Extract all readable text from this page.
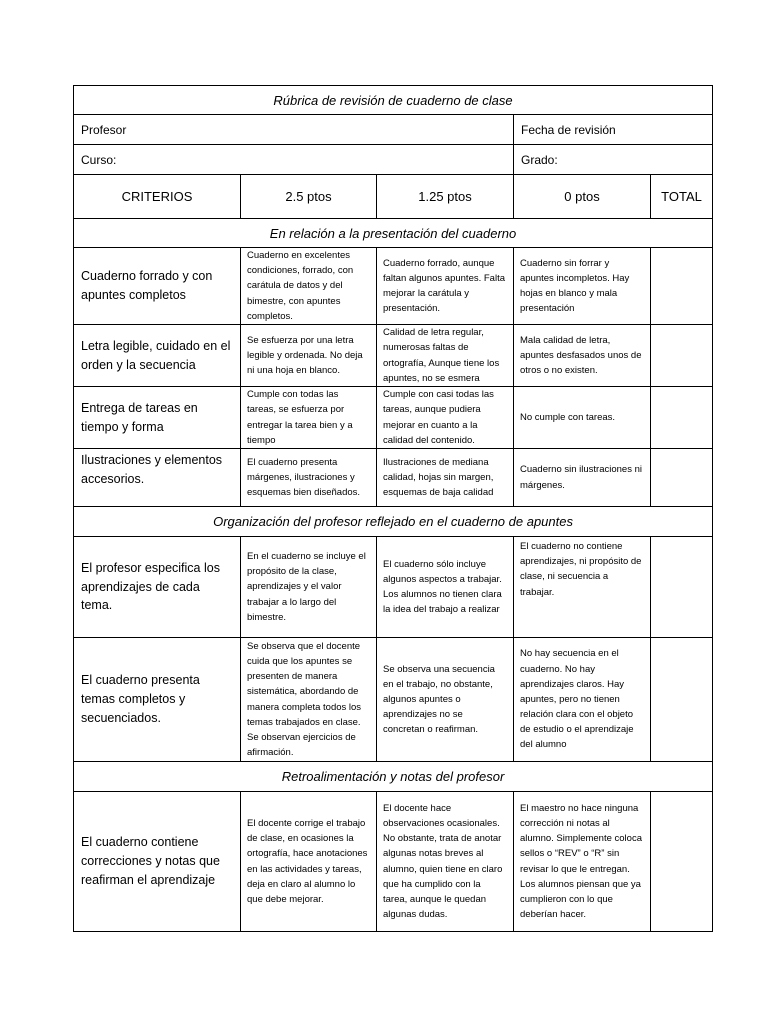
Rúbrica de revisión de cuaderno de clase				
Profesor			Fecha de revisión	
Curso:			Grado:	
CRITERIOS	2.5 ptos	1.25 ptos	0 ptos	TOTAL
En relación a la presentación del cuaderno				
Cuaderno forrado y con apuntes completos	Cuaderno en excelentes condiciones, forrado, con carátula de datos y del bimestre, con apuntes completos.	Cuaderno forrado, aunque faltan algunos apuntes. Falta mejorar la carátula y presentación.	Cuaderno sin forrar y apuntes incompletos. Hay hojas en blanco y mala presentación	
Letra legible, cuidado en el orden y la secuencia	Se esfuerza por una letra legible y ordenada. No deja ni una hoja en blanco.	Calidad de letra regular, numerosas faltas de ortografía, Aunque tiene los apuntes, no se esmera	Mala calidad de letra, apuntes desfasados unos de otros o no existen.	
Entrega de tareas en tiempo y forma	Cumple con todas las tareas, se esfuerza por entregar la tarea bien y a tiempo	Cumple con casi todas las tareas, aunque pudiera mejorar en cuanto a la calidad del contenido.	No cumple con tareas.	
Ilustraciones y elementos accesorios.	El cuaderno presenta márgenes, ilustraciones y esquemas bien diseñados.	Ilustraciones de mediana calidad, hojas sin margen, esquemas de baja calidad	Cuaderno sin ilustraciones ni márgenes.	
Organización del profesor reflejado en el cuaderno de apuntes				
El profesor especifica los aprendizajes de cada tema.	En el cuaderno se incluye el propósito de la clase, aprendizajes y el valor trabajar a lo largo del bimestre.	El cuaderno sólo incluye algunos aspectos a trabajar. Los alumnos no tienen clara la idea del trabajo a realizar	El cuaderno no contiene aprendizajes, ni propósito de clase, ni secuencia a trabajar.	
El cuaderno presenta temas completos y secuenciados.	Se observa que el docente cuida que los apuntes se presenten de manera sistemática, abordando de manera completa todos los temas trabajados en clase. Se observan ejercicios de afirmación.	Se observa una secuencia en el trabajo, no obstante, algunos apuntes o aprendizajes no se concretan o reafirman.	No hay secuencia en el cuaderno. No hay aprendizajes claros. Hay apuntes, pero no tienen relación clara con el objeto de estudio o el aprendizaje del alumno	
Retroalimentación y notas del profesor				
El cuaderno contiene correcciones y notas que reafirman el aprendizaje	El docente corrige el trabajo de clase, en ocasiones la ortografía, hace anotaciones en las actividades y tareas, deja en claro al alumno lo que debe mejorar.	El docente hace observaciones ocasionales. No obstante, trata de anotar algunas notas breves al alumno, quien tiene en claro que ha cumplido con la tarea, aunque le quedan algunas dudas.	El maestro no hace ninguna corrección ni notas al alumno. Simplemente coloca sellos o “REV” o “R” sin revisar lo que le entregan. Los alumnos piensan que ya cumplieron con lo que deberían hacer.	
